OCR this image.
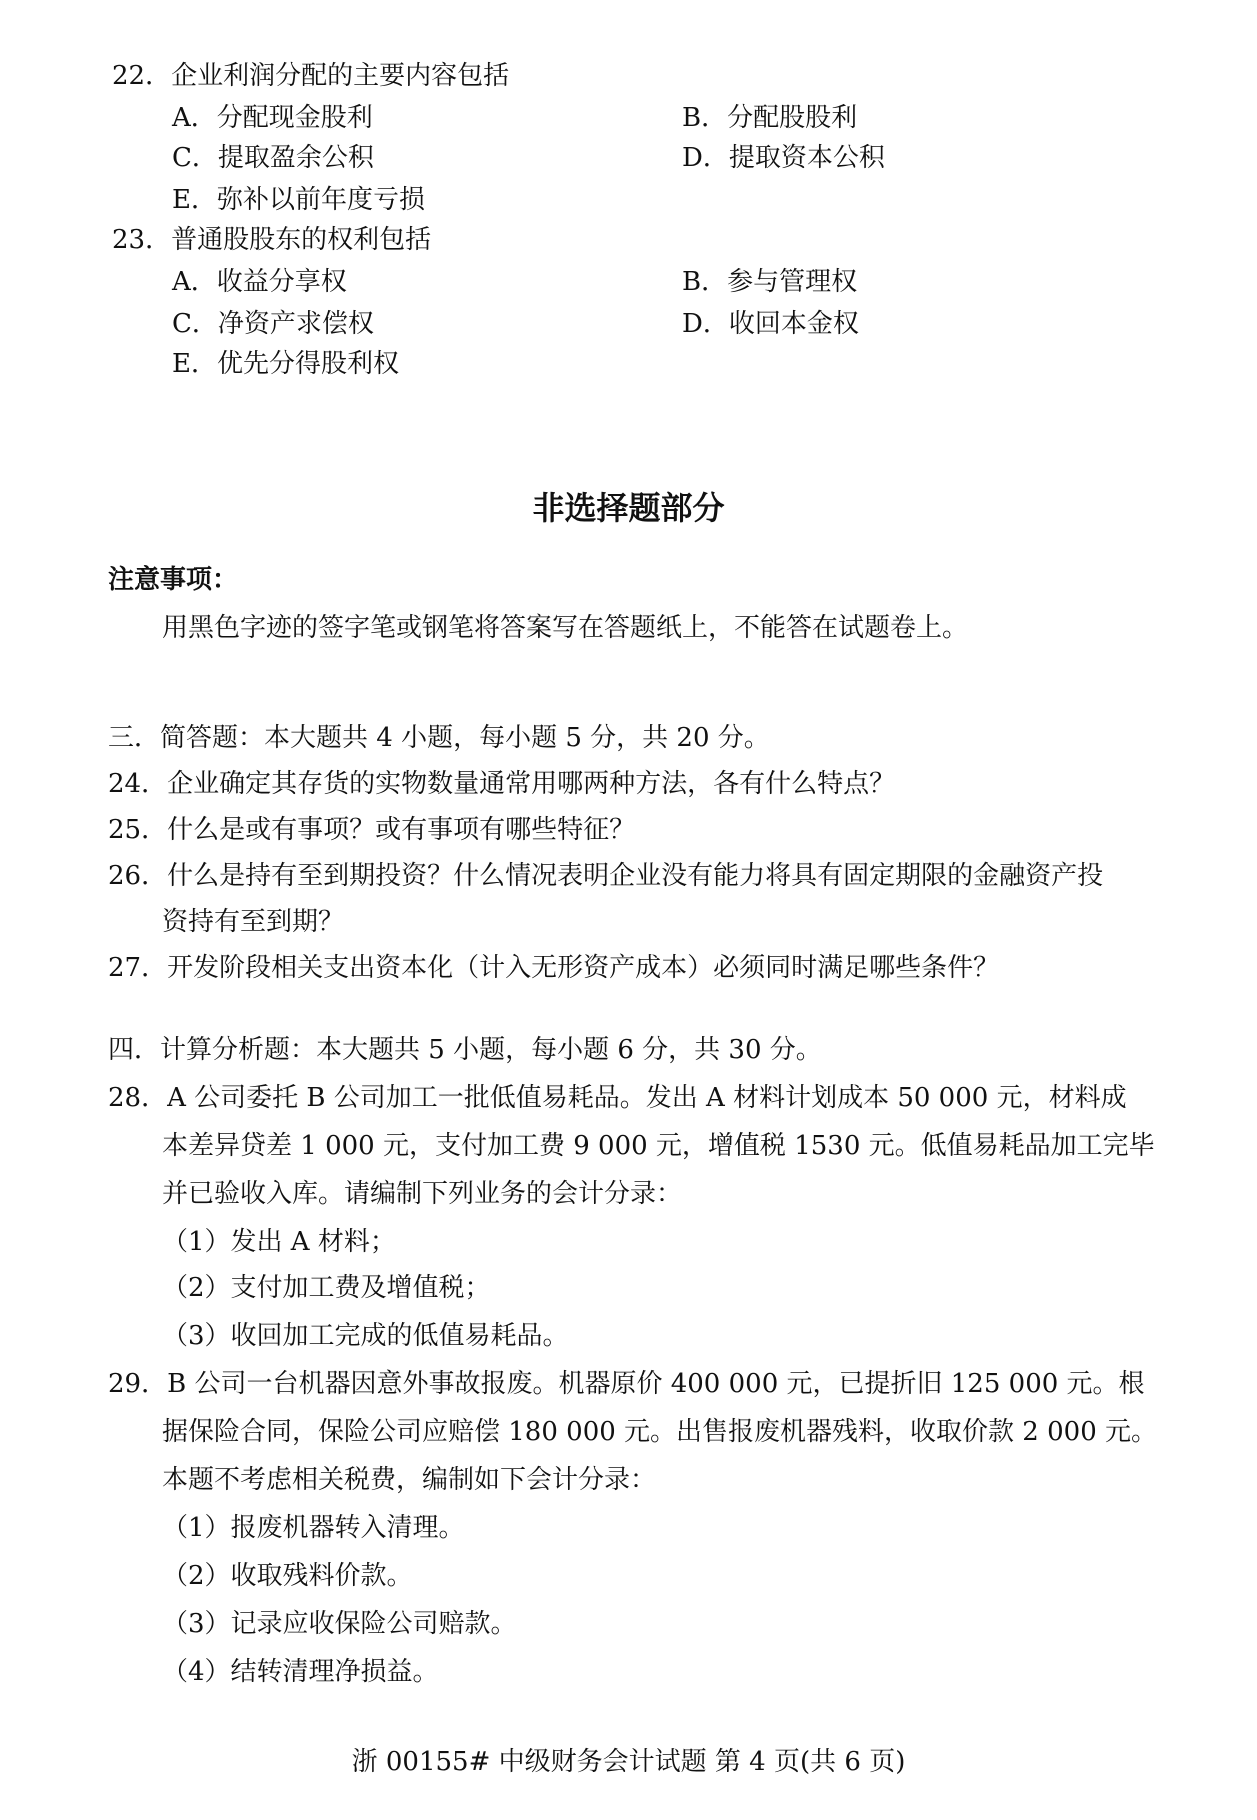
22．企业利润分配的主要内容包括
A．分配现金股利	B．分配股股利
C．提取盈余公积	D．提取资本公积
E．弥补以前年度亏损
23．普通股股东的权利包括
A．收益分享权	B．参与管理权
C．净资产求偿权	D．收回本金权
E．优先分得股利权
非选择题部分
注意事项：
用黑色字迹的签字笔或钢笔将答案写在答题纸上，不能答在试题卷上。
三．简答题：本大题共 4 小题，每小题 5 分，共 20 分。
24．企业确定其存货的实物数量通常用哪两种方法，各有什么特点？
25．什么是或有事项？或有事项有哪些特征？
26．什么是持有至到期投资？什么情况表明企业没有能力将具有固定期限的金融资产投
资持有至到期？
27．开发阶段相关支出资本化（计入无形资产成本）必须同时满足哪些条件？
四．计算分析题：本大题共 5 小题，每小题 6 分，共 30 分。
28．A 公司委托 B 公司加工一批低值易耗品。发出 A 材料计划成本 50 000 元，材料成
本差异贷差 1 000 元，支付加工费 9 000 元，增值税 1530 元。低值易耗品加工完毕
并已验收入库。请编制下列业务的会计分录：
（1）发出 A 材料；
（2）支付加工费及增值税；
（3）收回加工完成的低值易耗品。
29．B 公司一台机器因意外事故报废。机器原价 400 000 元，已提折旧 125 000 元。根
据保险合同，保险公司应赔偿 180 000 元。出售报废机器残料，收取价款 2 000 元。
本题不考虑相关税费，编制如下会计分录：
（1）报废机器转入清理。
（2）收取残料价款。
（3）记录应收保险公司赔款。
（4）结转清理净损益。
浙 00155# 中级财务会计试题 第 4 页(共 6 页)
